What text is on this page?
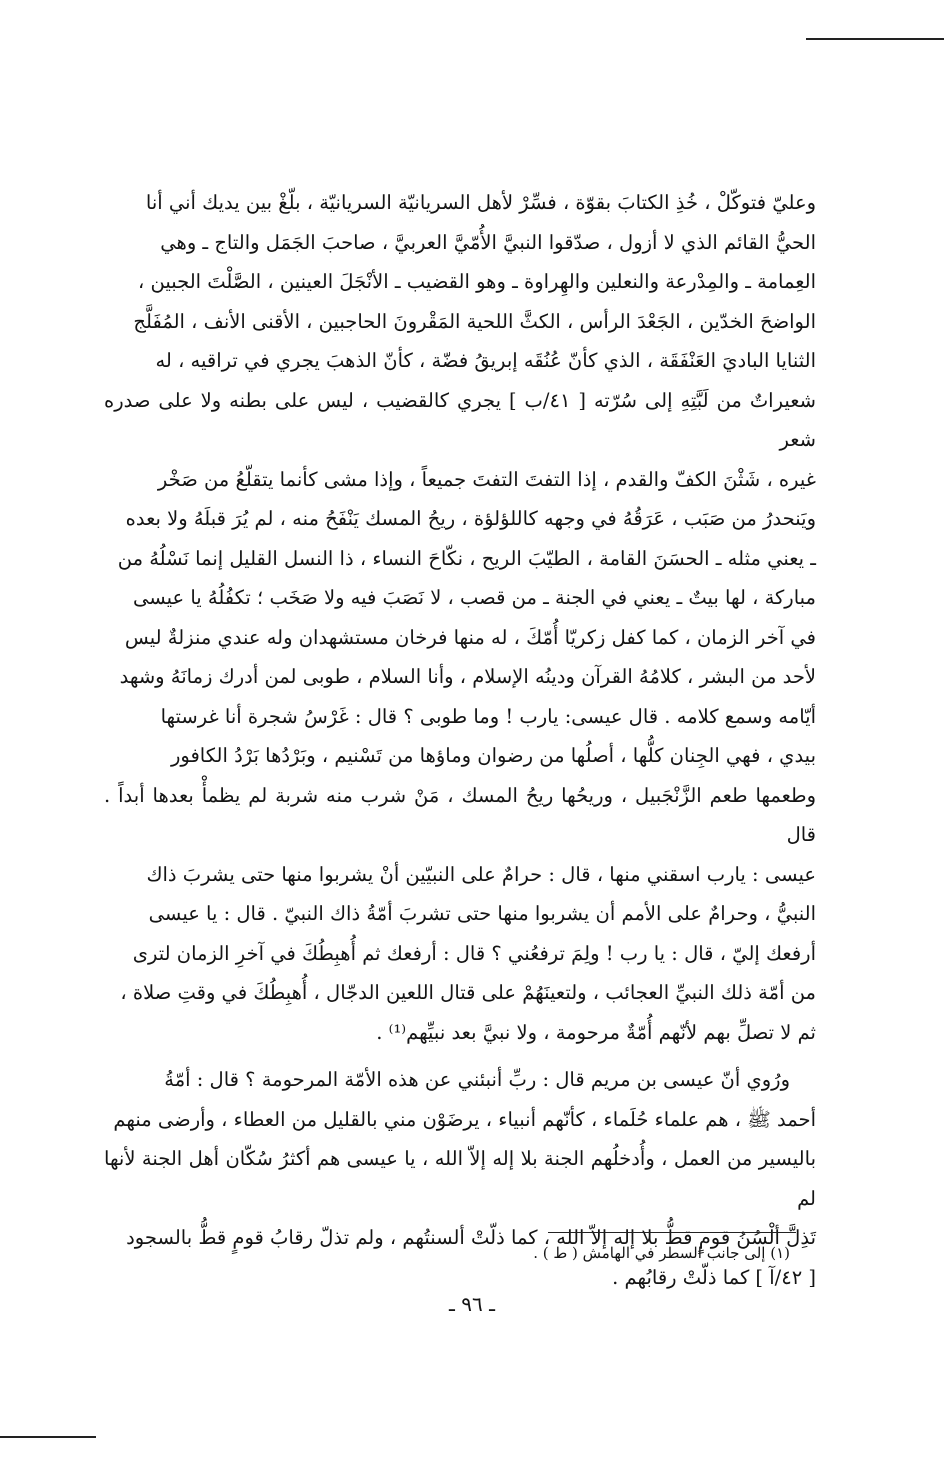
وعليّ فتوكّلْ ، خُذِ الكتابَ بقوّة ، فسِّرْ لأهل السريانيّة السريانيّة ، بلّغْ بين يديك أني أنا
الحيُّ القائم الذي لا أزول ، صدّقوا النبيَّ الأُمّيَّ العربيَّ ، صاحبَ الجَمَل والتاج ـ وهي
العِمامة ـ والمِدْرعة والنعلين والهِراوة ـ وهو القضيب ـ الأنْجَلَ العينين ، الصَّلْتَ الجبين ،
الواضحَ الخدّين ، الجَعْدَ الرأس ، الكثَّ اللحية المَقْرونَ الحاجبين ، الأقنى الأنف ، المُفَلَّج
الثنايا الباديَ العَنْفَقَة ، الذي كأنّ عُنُقَه إبريقُ فضّة ، كأنّ الذهبَ يجري في تراقيه ، له
شعيراتٌ من لَبَّتِهِ إلى سُرّته [ ٤١/ب ] يجري كالقضيب ، ليس على بطنه ولا على صدره شعر
غيره ، شَثْنَ الكفّ والقدم ، إذا التفتَ التفتَ جميعاً ، وإذا مشى كأنما يتقلّعُ من صَخْر
ويَنحدرُ من صَبَب ، عَرَقُهُ في وجهه كاللؤلؤة ، ريحُ المسك يَنْفَحُ منه ، لم يُرَ قبلَهُ ولا بعده
ـ يعني مثله ـ الحسَنَ القامة ، الطيّبَ الريح ، نكّاحَ النساء ، ذا النسل القليل إنما نَسْلُهُ من
مباركة ، لها بيتٌ ـ يعني في الجنة ـ من قصب ، لا نَصَبَ فيه ولا صَخَب ؛ تكفُلُهُ يا عيسى
في آخر الزمان ، كما كفل زكريّا أُمّكَ ، له منها فرخان مستشهدان وله عندي منزلةٌ ليس
لأحد من البشر ، كلامُهُ القرآن ودينُه الإسلام ، وأنا السلام ، طوبى لمن أدرك زمانَهُ وشهد
أيّامه وسمع كلامه . قال عيسى: يارب ! وما طوبى ؟ قال : غَرْسُ شجرة أنا غرستها
بيدي ، فهي الجِنان كلُّها ، أصلُها من رضوان وماؤها من تَسْنيم ، وبَرْدُها بَرْدُ الكافور
وطعمها طعم الزَّنْجَبيل ، وريحُها ريحُ المسك ، مَنْ شرب منه شربة لم يظمأْ بعدها أبداً . قال
عيسى : يارب اسقني منها ، قال : حرامٌ على النبيّين أنْ يشربوا منها حتى يشربَ ذاك
النبيُّ ، وحرامٌ على الأمم أن يشربوا منها حتى تشربَ أمّةُ ذاك النبيّ . قال : يا عيسى
أرفعك إليّ ، قال : يا رب ! ولِمَ ترفعُني ؟ قال : أرفعك ثم أُهبِطُكَ في آخرِ الزمان لترى
من أمّة ذلك النبيِّ العجائب ، ولتعينَهُمْ على قتال اللعين الدجّال ، أُهبِطُكَ في وقتِ صلاة ،
ثم لا تصلِّ بهم لأنّهم أُمّةٌ مرحومة ، ولا نبيَّ بعد نبيِّهم⁽¹⁾ .

ورُوي أنّ عيسى بن مريم قال : ربِّ أنبئني عن هذه الأمّة المرحومة ؟ قال : أمّةُ
أحمد ﷺ ، هم علماء حُلَماء ، كأنّهم أنبياء ، يرضَوْن مني بالقليل من العطاء ، وأرضى منهم
باليسير من العمل ، وأُدخلُهم الجنة بلا إله إلاّ الله ، يا عيسى هم أكثرُ سُكّان أهل الجنة لأنها لم
تَذِلَّ ألْسُنُ قومٍ قطُّ بلا إله إلاّ الله ، كما ذلّتْ ألسنتُهم ، ولم تذلّ رقابُ قومٍ قطُّ بالسجود
[ ٤٢/آ ] كما ذلّتْ رقابُهم .

(١) إلى جانب السطر في الهامش ( ط ) .
ـ ٩٦ ـ
